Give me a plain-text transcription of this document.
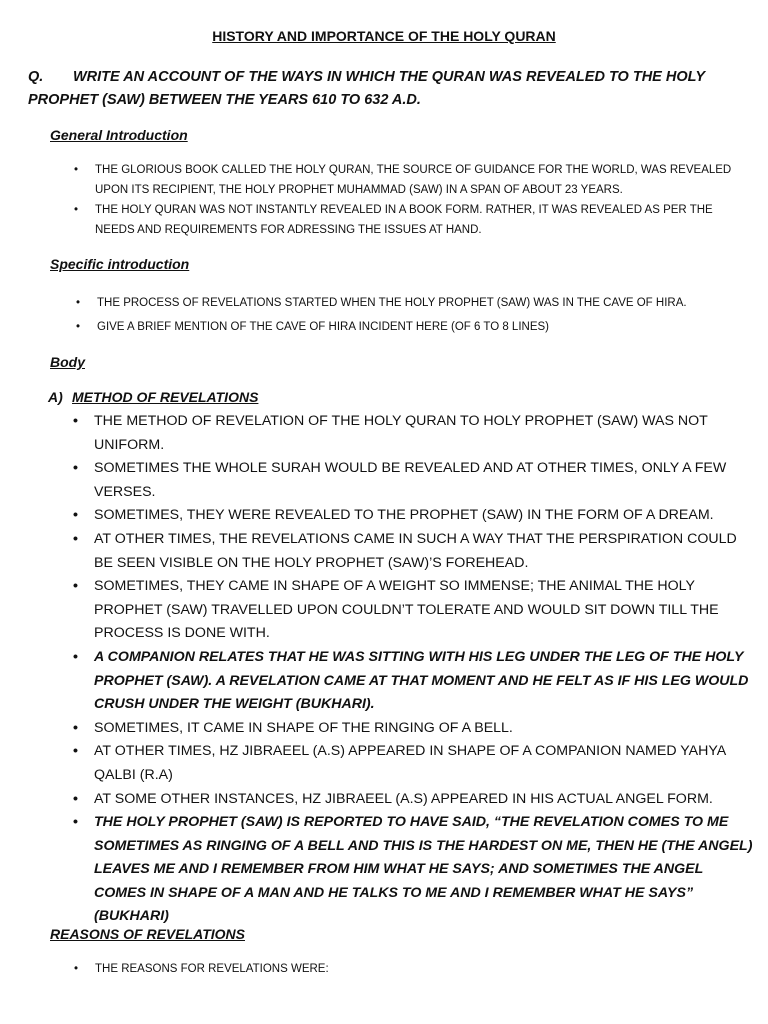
HISTORY AND IMPORTANCE OF THE HOLY QURAN
Q. WRITE AN ACCOUNT OF THE WAYS IN WHICH THE QURAN WAS REVEALED TO THE HOLY PROPHET (SAW) BETWEEN THE YEARS 610 TO 632 A.D.
General Introduction
• THE GLORIOUS BOOK CALLED THE HOLY QURAN, THE SOURCE OF GUIDANCE FOR THE WORLD, WAS REVEALED UPON ITS RECIPIENT, THE HOLY PROPHET MUHAMMAD (SAW) IN A SPAN OF ABOUT 23 YEARS.
• THE HOLY QURAN WAS NOT INSTANTLY REVEALED IN A BOOK FORM. RATHER, IT WAS REVEALED AS PER THE NEEDS AND REQUIREMENTS FOR ADRESSING THE ISSUES AT HAND.
Specific introduction
• THE PROCESS OF REVELATIONS STARTED WHEN THE HOLY PROPHET (SAW) WAS IN THE CAVE OF HIRA.
• GIVE A BRIEF MENTION OF THE CAVE OF HIRA INCIDENT HERE (OF 6 TO 8 LINES)
Body
A) METHOD OF REVELATIONS
• THE METHOD OF REVELATION OF THE HOLY QURAN TO HOLY PROPHET (SAW) WAS NOT UNIFORM.
• SOMETIMES THE WHOLE SURAH WOULD BE REVEALED AND AT OTHER TIMES, ONLY A FEW VERSES.
• SOMETIMES, THEY WERE REVEALED TO THE PROPHET (SAW) IN THE FORM OF A DREAM.
• AT OTHER TIMES, THE REVELATIONS CAME IN SUCH A WAY THAT THE PERSPIRATION COULD BE SEEN VISIBLE ON THE HOLY PROPHET (SAW)’S FOREHEAD.
• SOMETIMES, THEY CAME IN SHAPE OF A WEIGHT SO IMMENSE; THE ANIMAL THE HOLY PROPHET (SAW) TRAVELLED UPON COULDN’T TOLERATE AND WOULD SIT DOWN TILL THE PROCESS IS DONE WITH.
• A COMPANION RELATES THAT HE WAS SITTING WITH HIS LEG UNDER THE LEG OF THE HOLY PROPHET (SAW). A REVELATION CAME AT THAT MOMENT AND HE FELT AS IF HIS LEG WOULD CRUSH UNDER THE WEIGHT (BUKHARI).
• SOMETIMES, IT CAME IN SHAPE OF THE RINGING OF A BELL.
• AT OTHER TIMES, HZ JIBRAEEL (A.S) APPEARED IN SHAPE OF A COMPANION NAMED YAHYA QALBI (R.A)
• AT SOME OTHER INSTANCES, HZ JIBRAEEL (A.S) APPEARED IN HIS ACTUAL ANGEL FORM.
• THE HOLY PROPHET (SAW) IS REPORTED TO HAVE SAID, “THE REVELATION COMES TO ME SOMETIMES AS RINGING OF A BELL AND THIS IS THE HARDEST ON ME, THEN HE (THE ANGEL) LEAVES ME AND I REMEMBER FROM HIM WHAT HE SAYS; AND SOMETIMES THE ANGEL COMES IN SHAPE OF A MAN AND HE TALKS TO ME AND I REMEMBER WHAT HE SAYS” (BUKHARI)
REASONS OF REVELATIONS
• THE REASONS FOR REVELATIONS WERE:
